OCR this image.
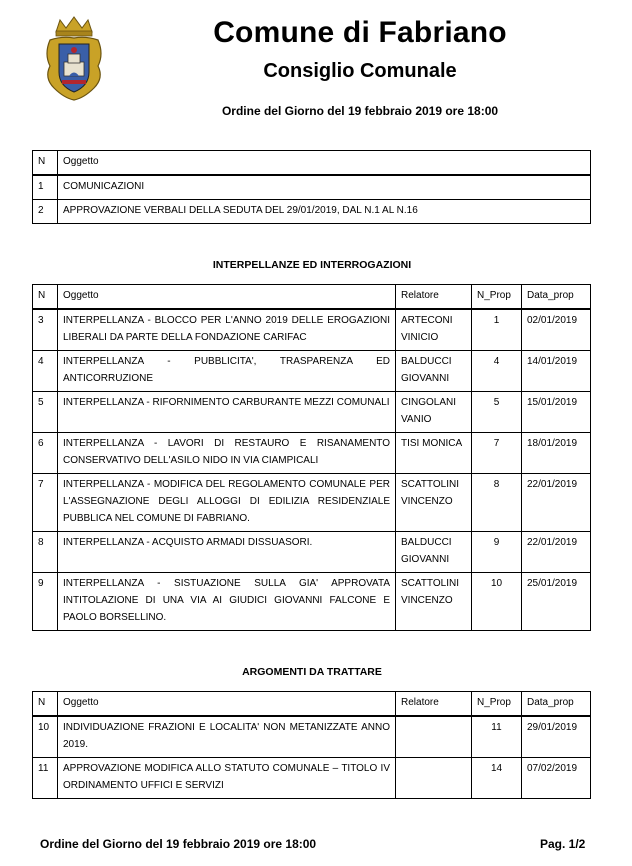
Comune di Fabriano
Consiglio Comunale
Ordine del Giorno del 19 febbraio 2019 ore 18:00
N	Oggetto
1	COMUNICAZIONI
2	APPROVAZIONE VERBALI DELLA SEDUTA DEL 29/01/2019, DAL N.1 AL N.16
INTERPELLANZE ED INTERROGAZIONI
N	Oggetto	Relatore	N_Prop	Data_prop
3	INTERPELLANZA - BLOCCO PER L'ANNO 2019 DELLE EROGAZIONI LIBERALI DA PARTE DELLA FONDAZIONE CARIFAC	ARTECONI VINICIO	1	02/01/2019
4	INTERPELLANZA - PUBBLICITA', TRASPARENZA ED ANTICORRUZIONE	BALDUCCI GIOVANNI	4	14/01/2019
5	INTERPELLANZA - RIFORNIMENTO CARBURANTE MEZZI COMUNALI	CINGOLANI VANIO	5	15/01/2019
6	INTERPELLANZA - LAVORI DI RESTAURO E RISANAMENTO CONSERVATIVO DELL'ASILO NIDO IN VIA CIAMPICALI	TISI MONICA	7	18/01/2019
7	INTERPELLANZA - MODIFICA DEL REGOLAMENTO COMUNALE PER L'ASSEGNAZIONE DEGLI ALLOGGI DI EDILIZIA RESIDENZIALE PUBBLICA NEL COMUNE DI FABRIANO.	SCATTOLINI VINCENZO	8	22/01/2019
8	INTERPELLANZA - ACQUISTO ARMADI DISSUASORI.	BALDUCCI GIOVANNI	9	22/01/2019
9	INTERPELLANZA - SISTUAZIONE SULLA GIA' APPROVATA INTITOLAZIONE DI UNA VIA AI GIUDICI GIOVANNI FALCONE E PAOLO BORSELLINO.	SCATTOLINI VINCENZO	10	25/01/2019
ARGOMENTI DA TRATTARE
N	Oggetto	Relatore	N_Prop	Data_prop
10	INDIVIDUAZIONE FRAZIONI E LOCALITA' NON METANIZZATE ANNO 2019.		11	29/01/2019
11	APPROVAZIONE MODIFICA ALLO STATUTO COMUNALE – TITOLO IV ORDINAMENTO UFFICI E SERVIZI		14	07/02/2019
Ordine del Giorno del 19 febbraio 2019 ore 18:00	Pag. 1/2
